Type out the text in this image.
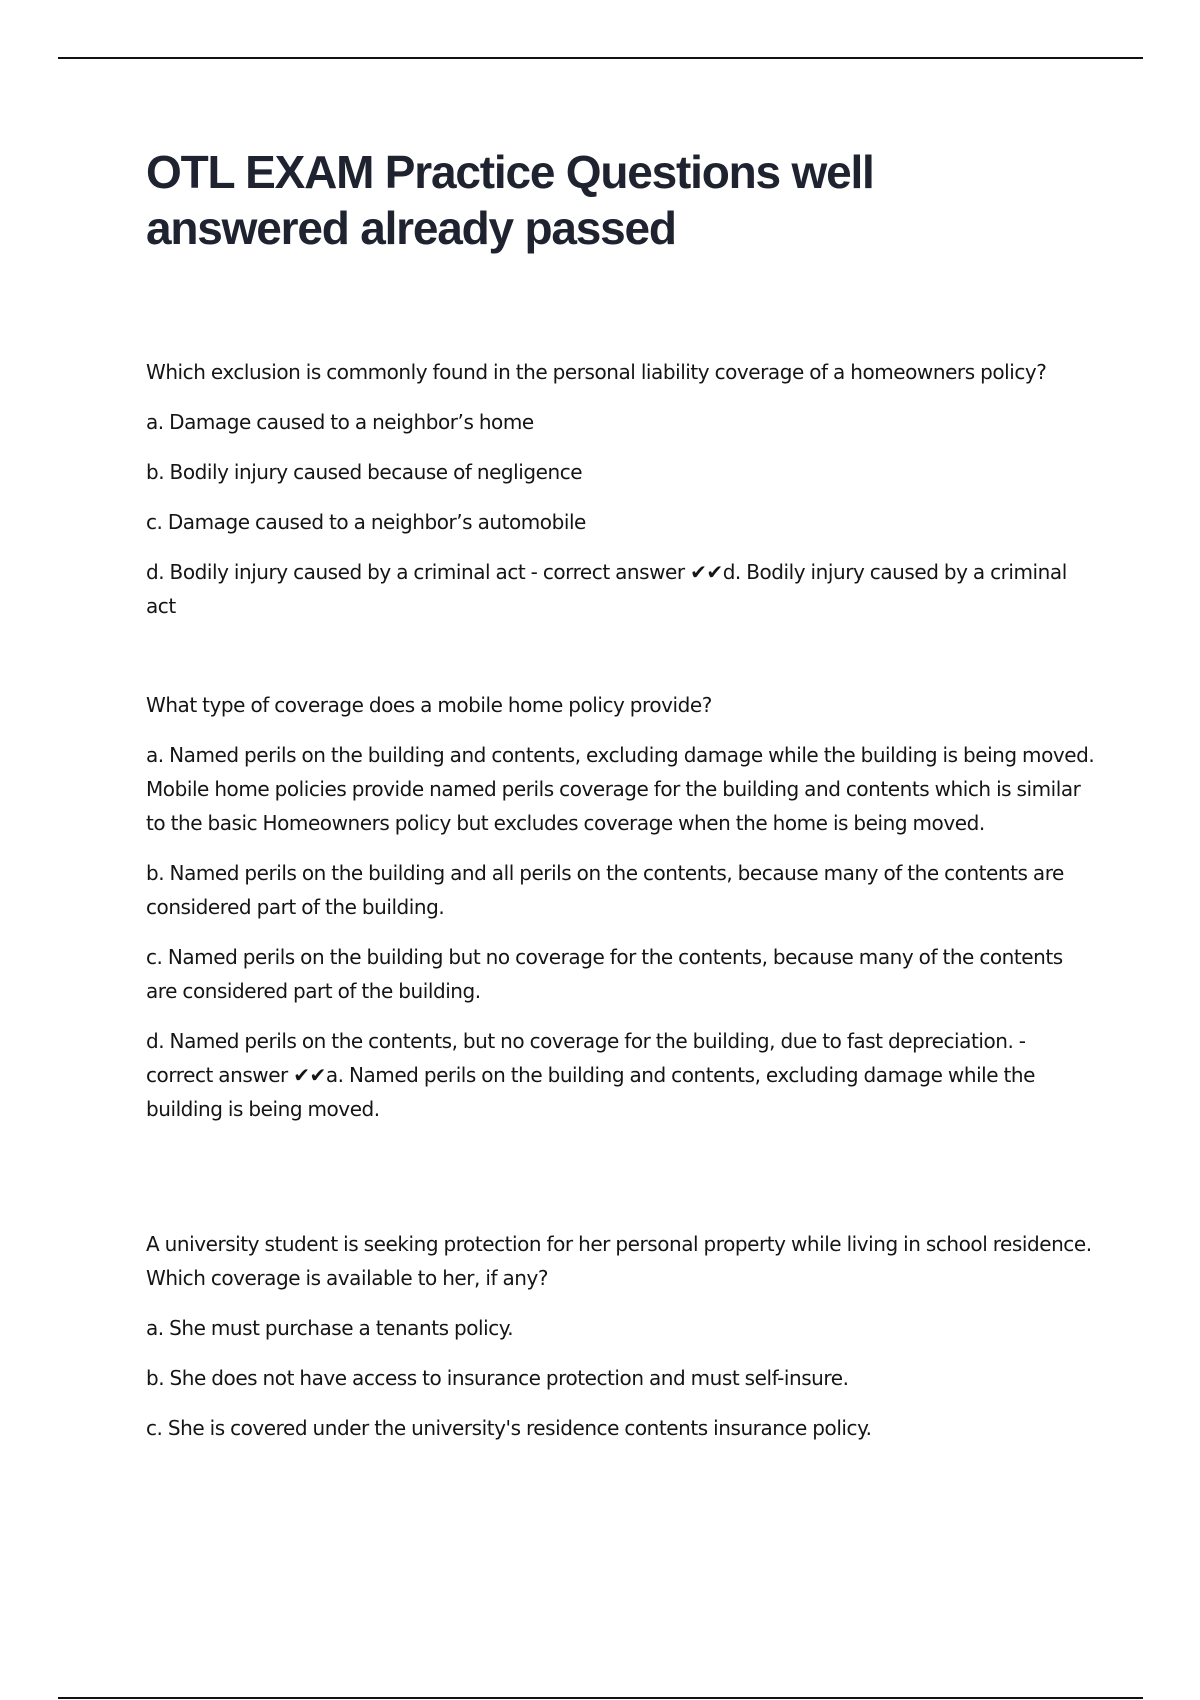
OTL EXAM Practice Questions well answered already passed

Which exclusion is commonly found in the personal liability coverage of a homeowners policy?

a. Damage caused to a neighbor’s home

b. Bodily injury caused because of negligence

c. Damage caused to a neighbor’s automobile

d. Bodily injury caused by a criminal act - correct answer ✔✔d. Bodily injury caused by a criminal act

What type of coverage does a mobile home policy provide?

a. Named perils on the building and contents, excluding damage while the building is being moved. Mobile home policies provide named perils coverage for the building and contents which is similar to the basic Homeowners policy but excludes coverage when the home is being moved.

b. Named perils on the building and all perils on the contents, because many of the contents are considered part of the building.

c. Named perils on the building but no coverage for the contents, because many of the contents are considered part of the building.

d. Named perils on the contents, but no coverage for the building, due to fast depreciation. - correct answer ✔✔a. Named perils on the building and contents, excluding damage while the building is being moved.

A university student is seeking protection for her personal property while living in school residence. Which coverage is available to her, if any?

a. She must purchase a tenants policy.

b. She does not have access to insurance protection and must self-insure.

c. She is covered under the university's residence contents insurance policy.
